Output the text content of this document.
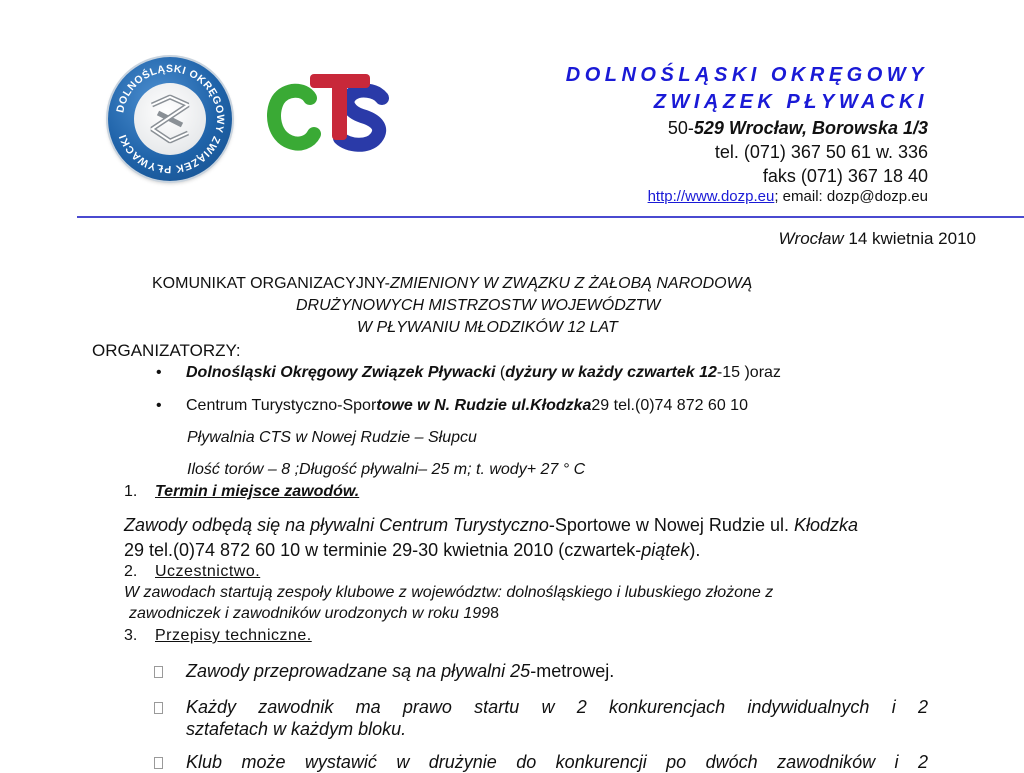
DOLNOŚLĄSKI OKRĘGOWY ZWIĄZEK PŁYWACKI
DOLNOŚLĄSKI OKRĘGOWY
ZWIĄZEK PŁYWACKI
50-529 Wrocław, Borowska 1/3
tel. (071) 367 50 61 w. 336
faks (071) 367 18 40
http://www.dozp.eu; email: dozp@dozp.eu
Wrocław 14 kwietnia 2010
KOMUNIKAT ORGANIZACYJNY-ZMIENIONY W ZWĄZKU Z ŻAŁOBĄ NARODOWĄ
DRUŻYNOWYCH MISTRZOSTW WOJEWÓDZTW
W PŁYWANIU MŁODZIKÓW 12 LAT
ORGANIZATORZY:
• Dolnośląski Okręgowy Związek Pływacki (dyżury w każdy czwartek 12-15 )oraz
• Centrum Turystyczno-Sportowe w N. Rudzie ul.Kłodzka29 tel.(0)74 872 60 10
Pływalnia CTS w Nowej Rudzie – Słupcu
Ilość torów – 8 ;Długość pływalni– 25 m; t. wody+ 27 ° C
1. Termin i miejsce zawodów.
Zawody odbędą się na pływalni Centrum Turystyczno-Sportowe w Nowej Rudzie ul. Kłodzka
29 tel.(0)74 872 60 10 w terminie 29-30 kwietnia 2010 (czwartek-piątek).
2. Uczestnictwo.
W zawodach startują zespoły klubowe z województw: dolnośląskiego i lubuskiego złożone z
zawodniczek i zawodników urodzonych w roku 1998
3. Przepisy techniczne.
Zawody przeprowadzane są na pływalni 25-metrowej.
Każdy zawodnik ma prawo startu w 2 konkurencjach indywidualnych i 2
sztafetach w każdym bloku.
Klub może wystawić w drużynie do konkurencji po dwóch zawodników i 2
